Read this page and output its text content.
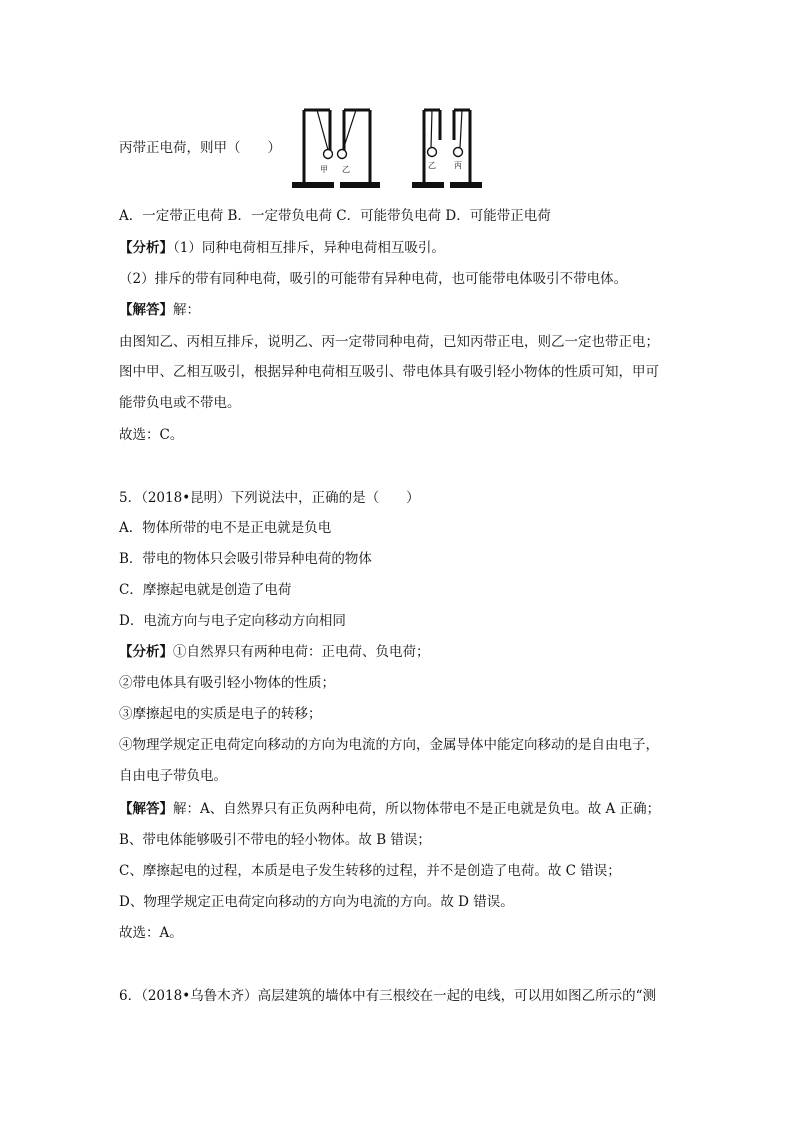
丙带正电荷，则甲（　　）
甲 乙	乙 丙
A．一定带正电荷 B．一定带负电荷 C．可能带负电荷 D．可能带正电荷
【分析】（1）同种电荷相互排斥，异种电荷相互吸引。
（2）排斥的带有同种电荷，吸引的可能带有异种电荷，也可能带电体吸引不带电体。
【解答】解：
由图知乙、丙相互排斥，说明乙、丙一定带同种电荷，已知丙带正电，则乙一定也带正电；
图中甲、乙相互吸引，根据异种电荷相互吸引、带电体具有吸引轻小物体的性质可知，甲可
能带负电或不带电。
故选：C。
5．（2018•昆明）下列说法中，正确的是（　　）
A．物体所带的电不是正电就是负电
B．带电的物体只会吸引带异种电荷的物体
C．摩擦起电就是创造了电荷
D．电流方向与电子定向移动方向相同
【分析】①自然界只有两种电荷：正电荷、负电荷；
②带电体具有吸引轻小物体的性质；
③摩擦起电的实质是电子的转移；
④物理学规定正电荷定向移动的方向为电流的方向，金属导体中能定向移动的是自由电子，
自由电子带负电。
【解答】解：A、自然界只有正负两种电荷，所以物体带电不是正电就是负电。故 A 正确；
B、带电体能够吸引不带电的轻小物体。故 B 错误；
C、摩擦起电的过程，本质是电子发生转移的过程，并不是创造了电荷。故 C 错误；
D、物理学规定正电荷定向移动的方向为电流的方向。故 D 错误。
故选：A。
6．（2018•乌鲁木齐）高层建筑的墙体中有三根绞在一起的电线，可以用如图乙所示的“测
